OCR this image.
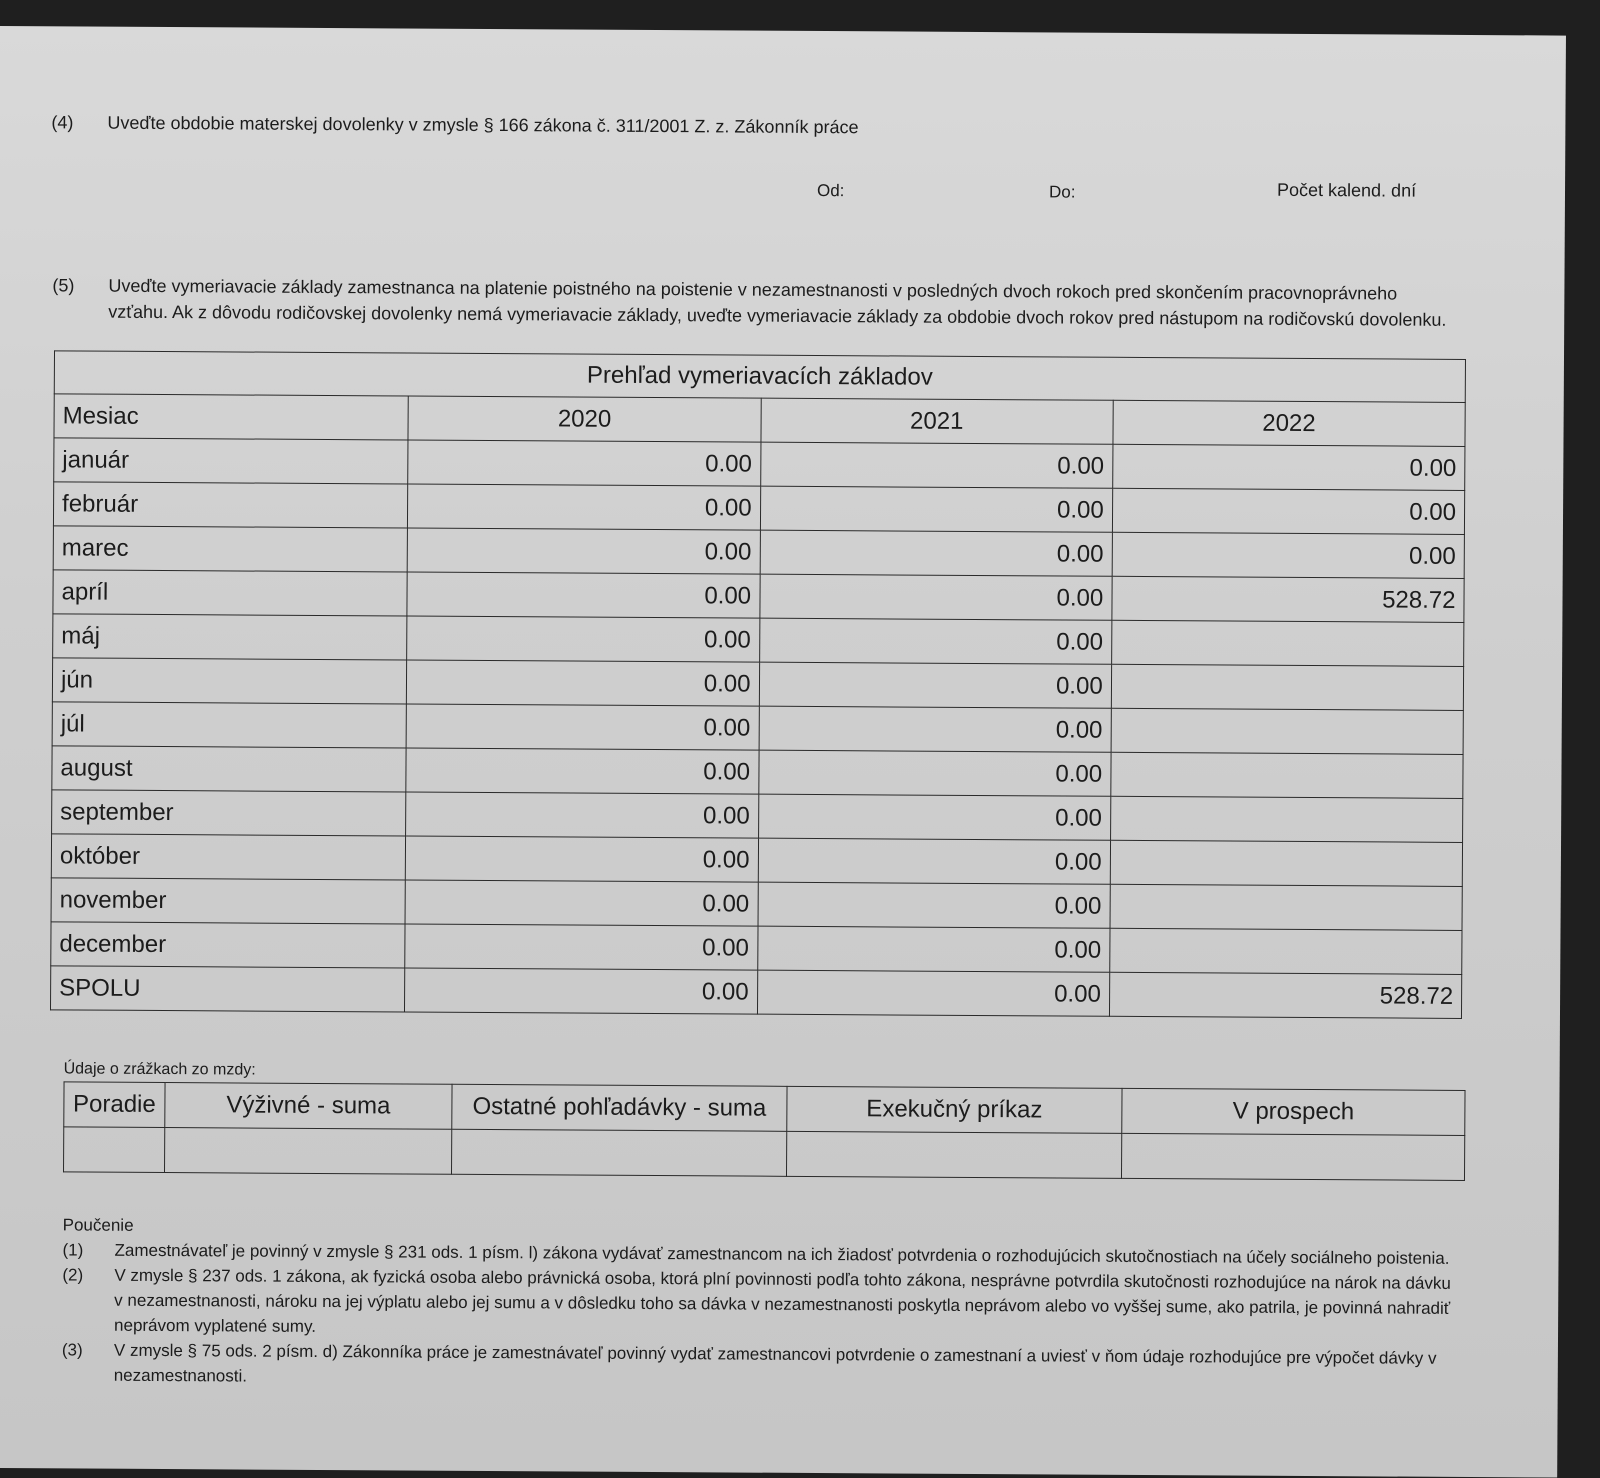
(4) Uveďte obdobie materskej dovolenky v zmysle § 166 zákona č. 311/2001 Z. z. Zákonník práce
Od:	Do:	Počet kalend. dní
(5)	Uveďte vymeriavacie základy zamestnanca na platenie poistného na poistenie v nezamestnanosti v posledných dvoch rokoch pred skončením pracovnoprávneho vzťahu. Ak z dôvodu rodičovskej dovolenky nemá vymeriavacie základy, uveďte vymeriavacie základy za obdobie dvoch rokov pred nástupom na rodičovskú dovolenku.
Prehľad vymeriavacích základov			
Mesiac	2020	2021	2022
január	0.00	0.00	0.00
február	0.00	0.00	0.00
marec	0.00	0.00	0.00
apríl	0.00	0.00	528.72
máj	0.00	0.00	
jún	0.00	0.00	
júl	0.00	0.00	
august	0.00	0.00	
september	0.00	0.00	
október	0.00	0.00	
november	0.00	0.00	
december	0.00	0.00	
SPOLU	0.00	0.00	528.72
Údaje o zrážkach zo mzdy:
Poradie	Výživné - suma	Ostatné pohľadávky - suma	Exekučný príkaz	V prospech

Poučenie
(1)	Zamestnávateľ je povinný v zmysle § 231 ods. 1 písm. l) zákona vydávať zamestnancom na ich žiadosť potvrdenia o rozhodujúcich skutočnostiach na účely sociálneho poistenia.
(2)	V zmysle § 237 ods. 1 zákona, ak fyzická osoba alebo právnická osoba, ktorá plní povinnosti podľa tohto zákona, nesprávne potvrdila skutočnosti rozhodujúce na nárok na dávku v nezamestnanosti, nároku na jej výplatu alebo jej sumu a v dôsledku toho sa dávka v nezamestnanosti poskytla neprávom alebo vo vyššej sume, ako patrila, je povinná nahradiť neprávom vyplatené sumy.
(3)	V zmysle § 75 ods. 2 písm. d) Zákonníka práce je zamestnávateľ povinný vydať zamestnancovi potvrdenie o zamestnaní a uviesť v ňom údaje rozhodujúce pre výpočet dávky v nezamestnanosti.
